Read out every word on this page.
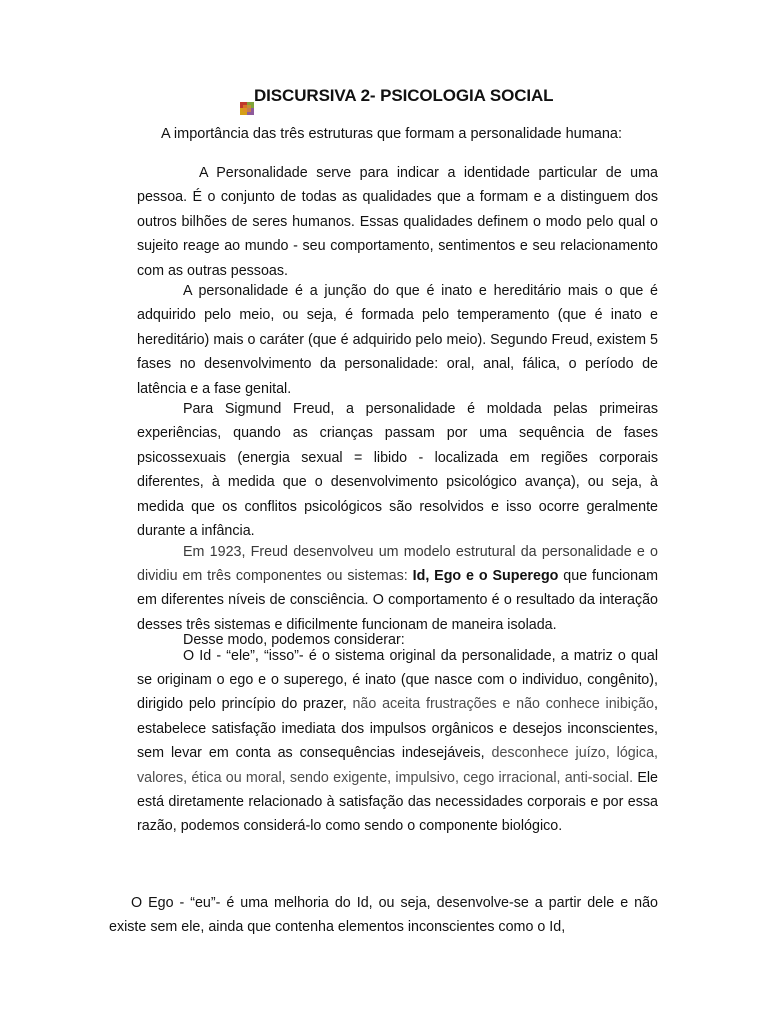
DISCURSIVA 2- PSICOLOGIA SOCIAL

A importância das três estruturas que formam a personalidade humana:

A Personalidade serve para indicar a identidade particular de uma pessoa. É o conjunto de todas as qualidades que a formam e a distinguem dos outros bilhões de seres humanos. Essas qualidades definem o modo pelo qual o sujeito reage ao mundo - seu comportamento, sentimentos e seu relacionamento com as outras pessoas.

A personalidade é a junção do que é inato e hereditário mais o que é adquirido pelo meio, ou seja, é formada pelo temperamento (que é inato e hereditário) mais o caráter (que é adquirido pelo meio). Segundo Freud, existem 5 fases no desenvolvimento da personalidade: oral, anal, fálica, o período de latência e a fase genital.

Para Sigmund Freud, a personalidade é moldada pelas primeiras experiências, quando as crianças passam por uma sequência de fases psicossexuais (energia sexual = libido - localizada em regiões corporais diferentes, à medida que o desenvolvimento psicológico avança), ou seja, à medida que os conflitos psicológicos são resolvidos e isso ocorre geralmente durante a infância.

Em 1923, Freud desenvolveu um modelo estrutural da personalidade e o dividiu em três componentes ou sistemas: Id, Ego e o Superego que funcionam em diferentes níveis de consciência. O comportamento é o resultado da interação desses três sistemas e dificilmente funcionam de maneira isolada.

Desse modo, podemos considerar:

O Id - “ele”, “isso”- é o sistema original da personalidade, a matriz o qual se originam o ego e o superego, é inato (que nasce com o individuo, congênito), dirigido pelo princípio do prazer, não aceita frustrações e não conhece inibição, estabelece satisfação imediata dos impulsos orgânicos e desejos inconscientes, sem levar em conta as consequências indesejáveis, desconhece juízo, lógica, valores, ética ou moral, sendo exigente, impulsivo, cego irracional, anti-social. Ele está diretamente relacionado à satisfação das necessidades corporais e por essa razão, podemos considerá-lo como sendo o componente biológico.

O Ego - “eu”- é uma melhoria do Id, ou seja, desenvolve-se a partir dele e não existe sem ele, ainda que contenha elementos inconscientes como o Id,
